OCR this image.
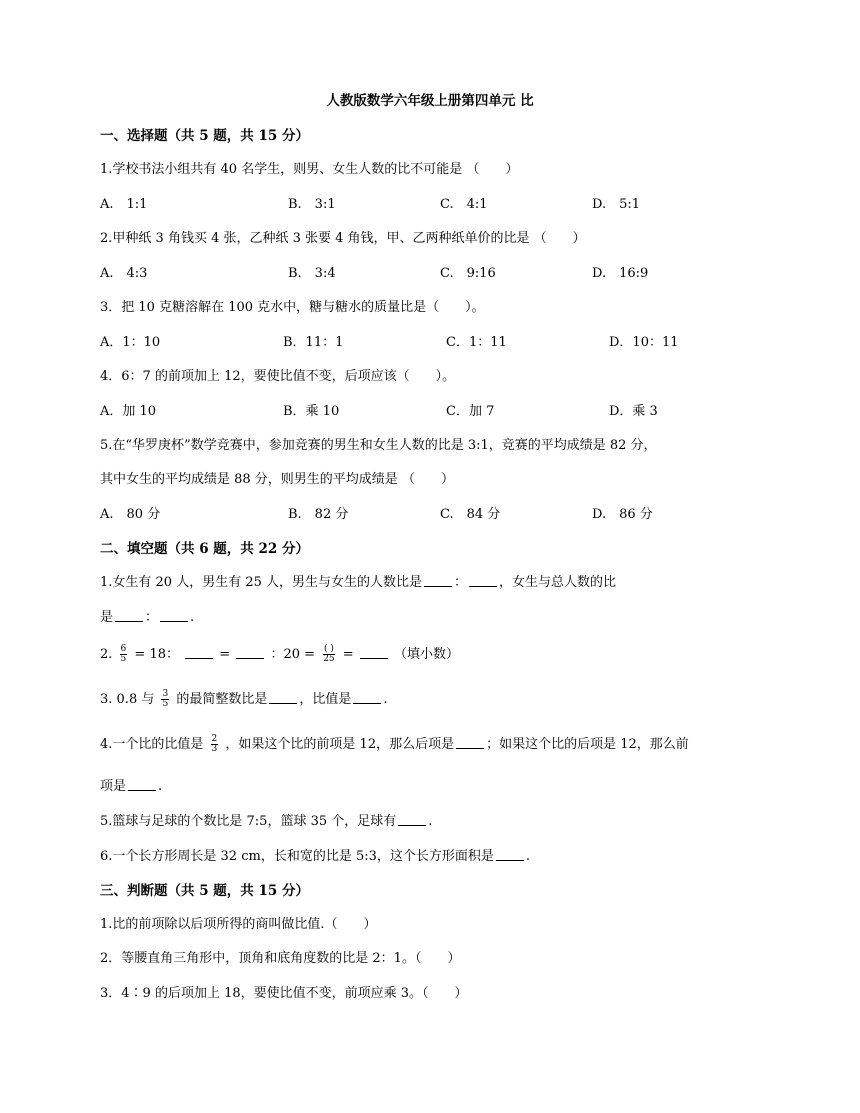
人教版数学六年级上册第四单元 比
一、选择题（共 5 题，共 15 分）
1.学校书法小组共有 40 名学生，则男、女生人数的比不可能是 （　　）
A.　1:1	B.　3:1	C.　4:1	D.　5:1
2.甲种纸 3 角钱买 4 张，乙种纸 3 张要 4 角钱，甲、乙两种纸单价的比是 （　　）
A.　4:3	B.　3:4	C.　9:16	D.　16:9
3．把 10 克糖溶解在 100 克水中，糖与糖水的质量比是（　　）。
A．1：10	B．11：1	C．1：11	D．10：11
4．6：7 的前项加上 12，要使比值不变，后项应该（　　）。
A．加 10	B．乘 10	C．加 7	D．乘 3
5.在“华罗庚杯”数学竞赛中，参加竞赛的男生和女生人数的比是 3:1，竞赛的平均成绩是 82 分，
其中女生的平均成绩是 88 分，则男生的平均成绩是 （　　）
A.　80 分	B.　82 分	C.　84 分	D.　86 分
二、填空题（共 6 题，共 22 分）
1.女生有 20 人，男生有 25 人，男生与女生的人数比是 ： ，女生与总人数的比
是 ： .
2. $\frac{6}{5} = 18$：	=	：$20 = \frac{( )}{25}$ =	（填小数）
3. 0.8 与 $\frac{3}{5}$ 的最简整数比是 ，比值是 .
4.一个比的比值是 $\frac{2}{3}$ ，如果这个比的前项是 12，那么后项是 ；如果这个比的后项是 12，那么前
项是 .
5.篮球与足球的个数比是 7:5，篮球 35 个，足球有 .
6.一个长方形周长是 32 cm，长和宽的比是 5:3，这个长方形面积是 .
三、判断题（共 5 题，共 15 分）
1.比的前项除以后项所得的商叫做比值.（　　）
2．等腰直角三角形中，顶角和底角度数的比是 2：1。（　　）
3．4∶9 的后项加上 18，要使比值不变，前项应乘 3。（　　）
